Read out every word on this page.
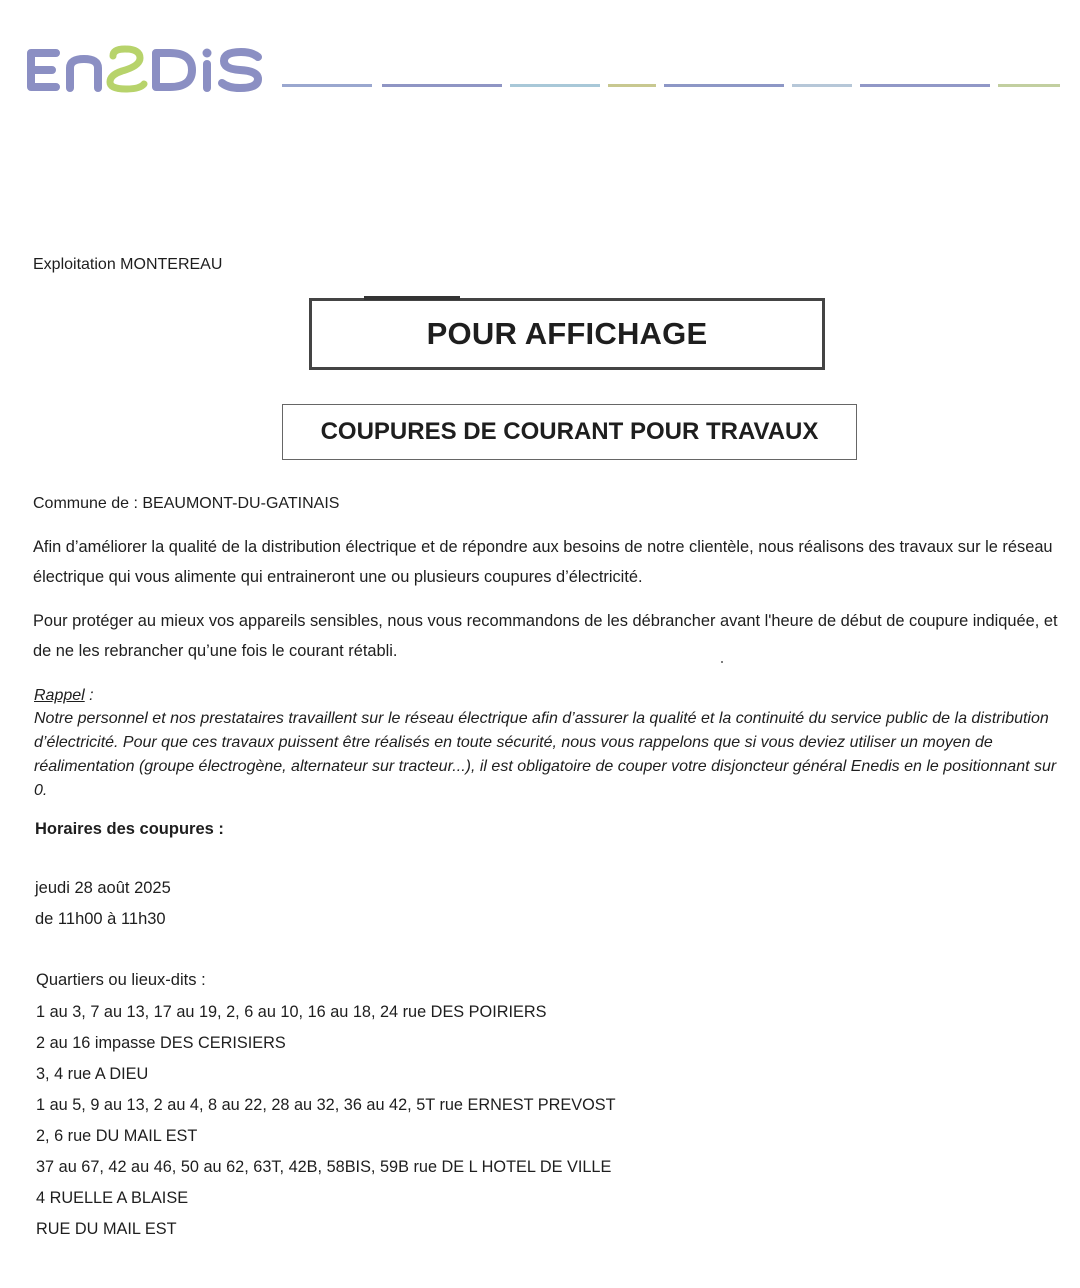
Exploitation MONTEREAU
POUR AFFICHAGE
COUPURES DE COURANT POUR TRAVAUX
Commune de : BEAUMONT-DU-GATINAIS

Afin d’améliorer la qualité de la distribution électrique et de répondre aux besoins de notre clientèle, nous réalisons des travaux sur le réseau électrique qui vous alimente qui entraineront une ou plusieurs coupures d’électricité.

Pour protéger au mieux vos appareils sensibles, nous vous recommandons de les débrancher avant l'heure de début de coupure indiquée, et de ne les rebrancher qu’une fois le courant rétabli.

Rappel :

Notre personnel et nos prestataires travaillent sur le réseau électrique afin d’assurer la qualité et la continuité du service public de la distribution d’électricité. Pour que ces travaux puissent être réalisés en toute sécurité, nous vous rappelons que si vous deviez utiliser un moyen de réalimentation (groupe électrogène, alternateur sur tracteur...), il est obligatoire de couper votre disjoncteur général Enedis en le positionnant sur 0.

Horaires des coupures :
jeudi 28 août 2025
de 11h00 à 11h30
Quartiers ou lieux-dits :
1 au 3, 7 au 13, 17 au 19, 2, 6 au 10, 16 au 18, 24 rue DES POIRIERS
2 au 16 impasse DES CERISIERS
3, 4 rue A DIEU
1 au 5, 9 au 13, 2 au 4, 8 au 22, 28 au 32, 36 au 42, 5T rue ERNEST PREVOST
2, 6 rue DU MAIL EST
37 au 67, 42 au 46, 50 au 62, 63T, 42B, 58BIS, 59B rue DE L HOTEL DE VILLE
4 RUELLE A BLAISE
RUE DU MAIL EST
